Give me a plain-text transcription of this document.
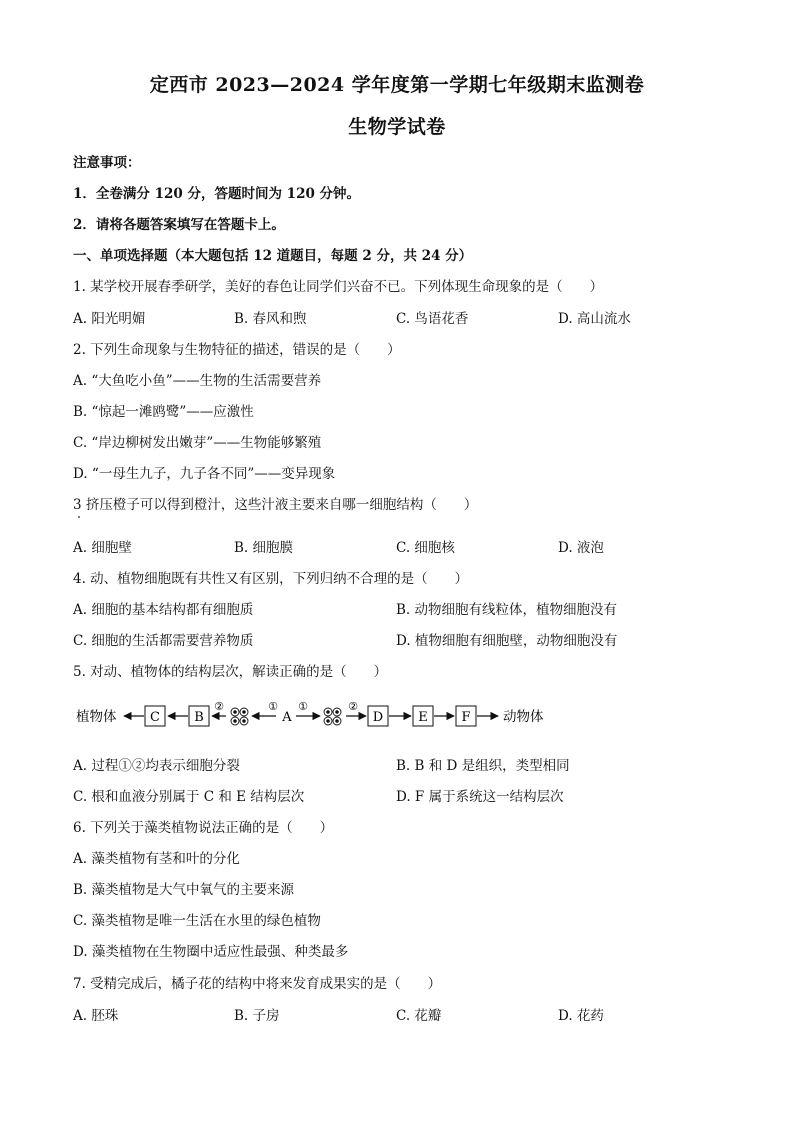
定西市 2023—2024 学年度第一学期七年级期末监测卷
生物学试卷
注意事项：
1．全卷满分 120 分，答题时间为 120 分钟。
2．请将各题答案填写在答题卡上。
一、单项选择题（本大题包括 12 道题目，每题 2 分，共 24 分）
1. 某学校开展春季研学，美好的春色让同学们兴奋不已。下列体现生命现象的是（　　）
A. 阳光明媚	B. 春风和煦	C. 鸟语花香	D. 高山流水
2. 下列生命现象与生物特征的描述，错误的是（　　）
A. “大鱼吃小鱼”——生物的生活需要营养
B. “惊起一滩鸥鹭”——应激性
C. “岸边柳树发出嫩芽”——生物能够繁殖
D. “一母生九子，九子各不同”——变异现象
3 挤压橙子可以得到橙汁，这些汁液主要来自哪一细胞结构（　　）
A. 细胞壁	B. 细胞膜	C. 细胞核	D. 液泡
4. 动、植物细胞既有共性又有区别，下列归纳不合理的是（　　）
A. 细胞的基本结构都有细胞质	B. 动物细胞有线粒体，植物细胞没有
C. 细胞的生活都需要营养物质	D. 植物细胞有细胞壁，动物细胞没有
5. 对动、植物体的结构层次，解读正确的是（　　）
植物体	C	B
②	①
A
①	②
D	E	F 动物体
A. 过程①②均表示细胞分裂	B. B 和 D 是组织，类型相同
C. 根和血液分别属于 C 和 E 结构层次	D. F 属于系统这一结构层次
6. 下列关于藻类植物说法正确的是（　　）
A. 藻类植物有茎和叶的分化
B. 藻类植物是大气中氧气的主要来源
C. 藻类植物是唯一生活在水里的绿色植物
D. 藻类植物在生物圈中适应性最强、种类最多
7. 受精完成后，橘子花的结构中将来发育成果实的是（　　）
A. 胚珠	B. 子房	C. 花瓣	D. 花药
